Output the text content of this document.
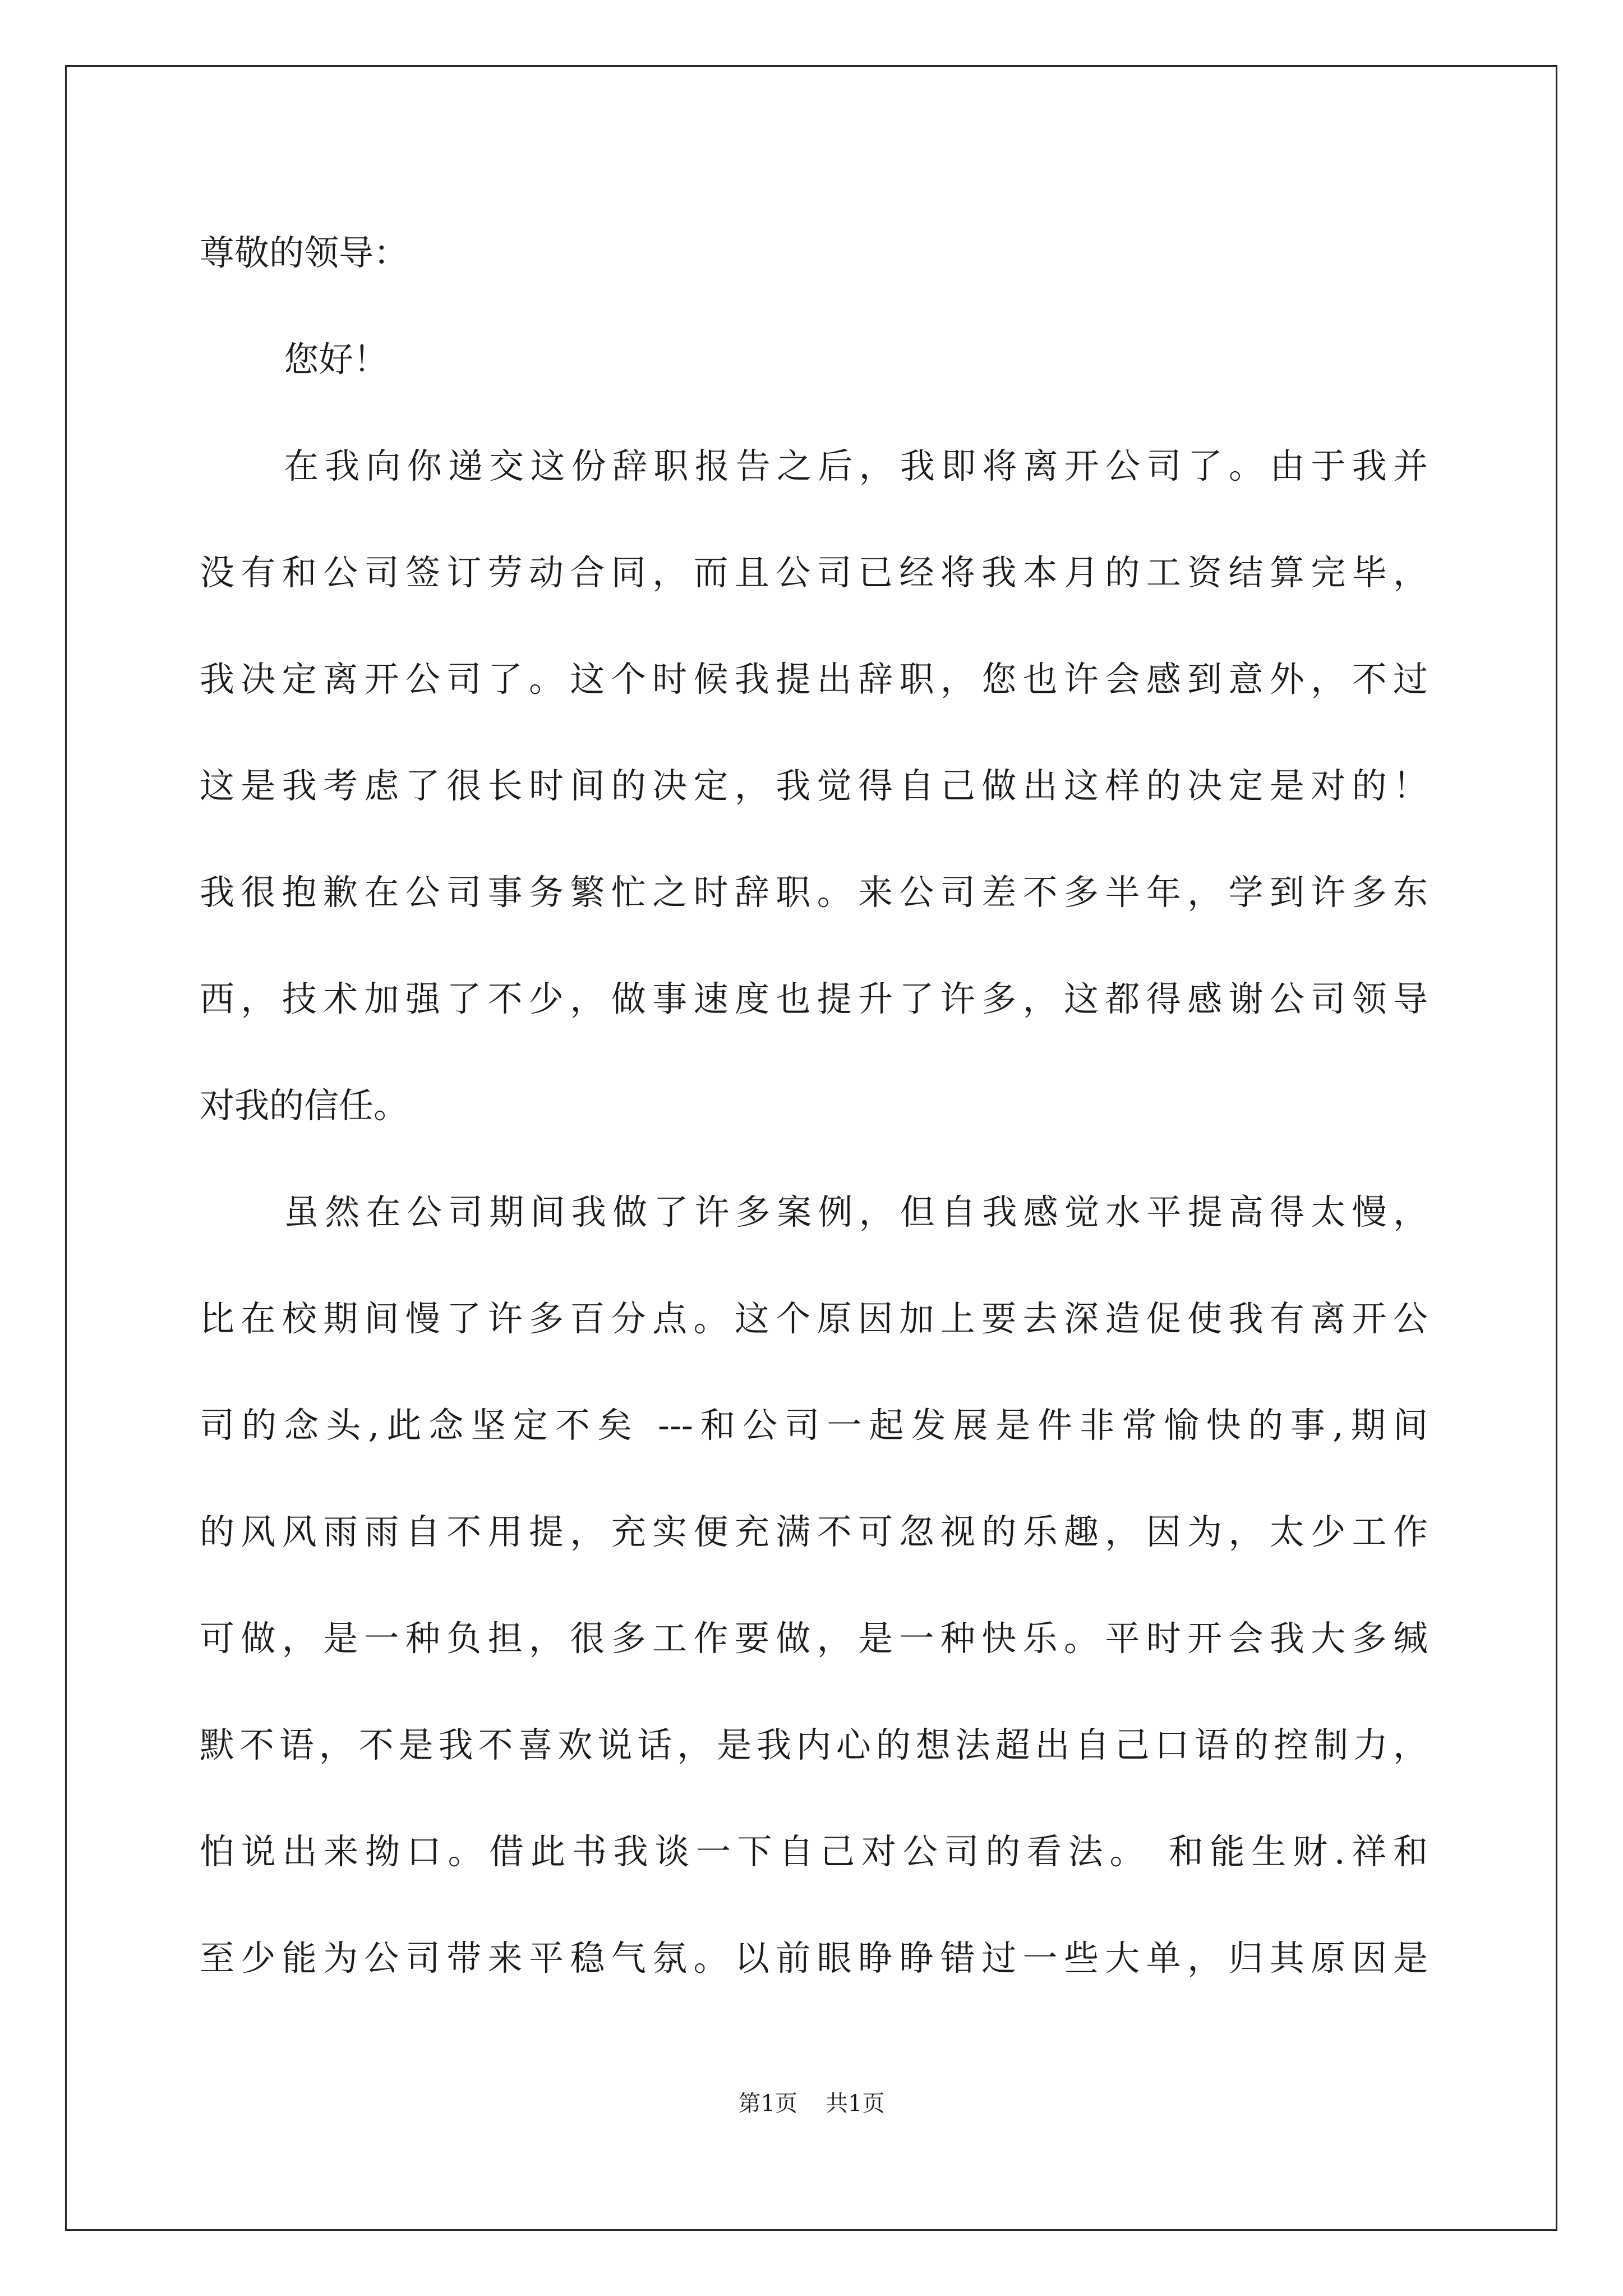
尊敬的领导：
您好！
在我向你递交这份辞职报告之后，我即将离开公司了。由于我并
没有和公司签订劳动合同，而且公司已经将我本月的工资结算完毕，
我决定离开公司了。这个时候我提出辞职，您也许会感到意外，不过
这是我考虑了很长时间的决定，我觉得自己做出这样的决定是对的！
我很抱歉在公司事务繁忙之时辞职。来公司差不多半年，学到许多东
西，技术加强了不少，做事速度也提升了许多，这都得感谢公司领导
对我的信任。
虽然在公司期间我做了许多案例，但自我感觉水平提高得太慢，
比在校期间慢了许多百分点。这个原因加上要去深造促使我有离开公
司的念头,此念坚定不矣 ---和公司一起发展是件非常愉快的事,期间
的风风雨雨自不用提，充实便充满不可忽视的乐趣，因为，太少工作
可做，是一种负担，很多工作要做，是一种快乐。平时开会我大多缄
默不语，不是我不喜欢说话，是我内心的想法超出自己口语的控制力，
怕说出来拗口。借此书我谈一下自己对公司的看法。 和能生财.祥和
至少能为公司带来平稳气氛。以前眼睁睁错过一些大单，归其原因是
第1页 共1页
